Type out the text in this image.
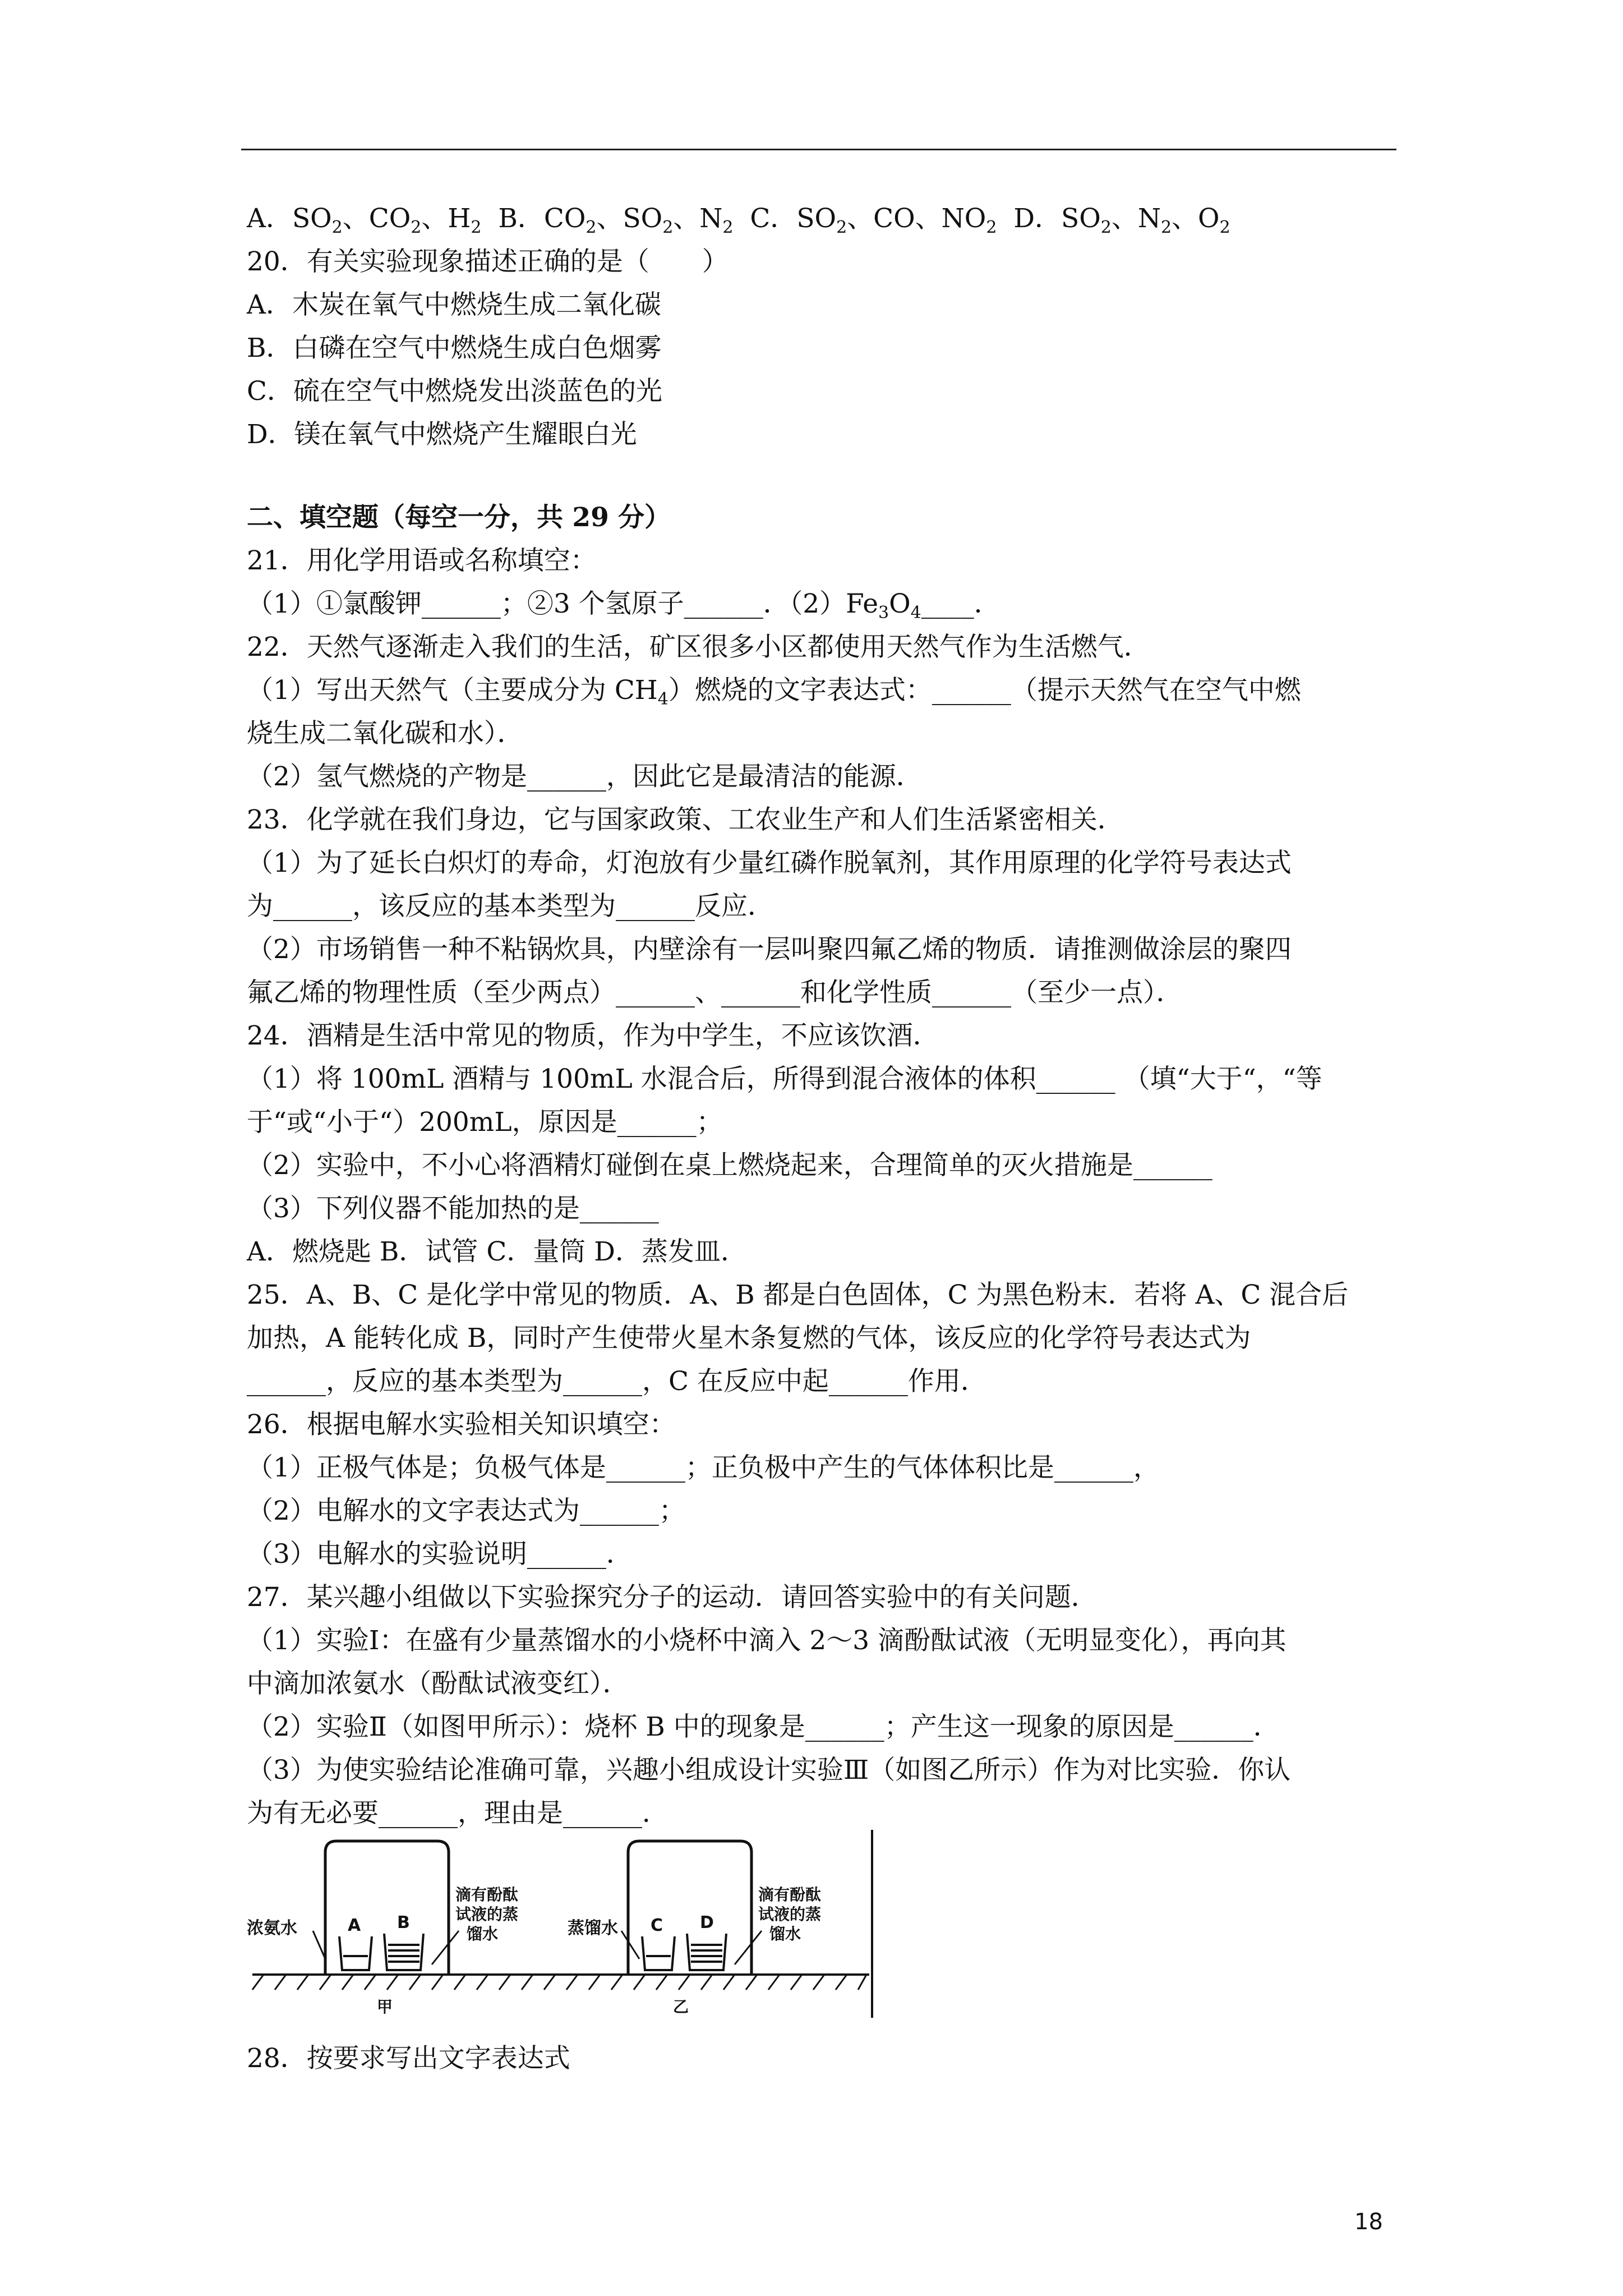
A．$SO_2$、$CO_2$、$H_2$  B．$CO_2$、$SO_2$、$N_2$  C．$SO_2$、CO、$NO_2$  D．$SO_2$、$N_2$、$O_2$
20．有关实验现象描述正确的是（　　）
A．木炭在氧气中燃烧生成二氧化碳
B．白磷在空气中燃烧生成白色烟雾
C．硫在空气中燃烧发出淡蓝色的光
D．镁在氧气中燃烧产生耀眼白光
二、填空题（每空一分，共 29 分）
21．用化学用语或名称填空：
（1）①氯酸钾______；②3 个氢原子______．$(2)Fe_3O_4\_\_\_\_$．
22．天然气逐渐走入我们的生活，矿区很多小区都使用天然气作为生活燃气．
（1）写出天然气（主要成分为 $CH_4$）燃烧的文字表达式：______（提示天然气在空气中燃
烧生成二氧化碳和水）．
（2）氢气燃烧的产物是______，因此它是最清洁的能源．
23．化学就在我们身边，它与国家政策、工农业生产和人们生活紧密相关．
（1）为了延长白炽灯的寿命，灯泡放有少量红磷作脱氧剂，其作用原理的化学符号表达式
为______，该反应的基本类型为______反应．
（2）市场销售一种不粘锅炊具，内壁涂有一层叫聚四氟乙烯的物质．请推测做涂层的聚四
氟乙烯的物理性质（至少两点）______、______和化学性质______（至少一点）．
24．酒精是生活中常见的物质，作为中学生，不应该饮酒．
（1）将 100mL 酒精与 100mL 水混合后，所得到混合液体的体积______ （填“大于“，“等
于“或“小于“）200mL，原因是______；
（2）实验中，不小心将酒精灯碰倒在桌上燃烧起来，合理简单的灭火措施是______
（3）下列仪器不能加热的是______
A．燃烧匙 B．试管 C．量筒 D．蒸发皿．
25．A、B、C 是化学中常见的物质．A、B 都是白色固体，C 为黑色粉末．若将 A、C 混合后
加热，A 能转化成 B，同时产生使带火星木条复燃的气体，该反应的化学符号表达式为
______，反应的基本类型为______，C 在反应中起______作用．
26．根据电解水实验相关知识填空：
（1）正极气体是；负极气体是______；正负极中产生的气体体积比是______，
（2）电解水的文字表达式为______；
（3）电解水的实验说明______．
27．某兴趣小组做以下实验探究分子的运动．请回答实验中的有关问题．
（1）实验Ⅰ：在盛有少量蒸馏水的小烧杯中滴入 2～3 滴酚酞试液（无明显变化），再向其
中滴加浓氨水（酚酞试液变红）．
（2）实验Ⅱ（如图甲所示）：烧杯 B 中的现象是______；产生这一现象的原因是______．
（3）为使实验结论准确可靠，兴趣小组成设计实验Ⅲ（如图乙所示）作为对比实验．你认
为有无必要______，理由是______．
浓氨水	A B
滴有酚酞
试液的蒸
馏水
甲
蒸馏水 C D
滴有酚酞
试液的蒸
馏水
乙
28．按要求写出文字表达式
18
